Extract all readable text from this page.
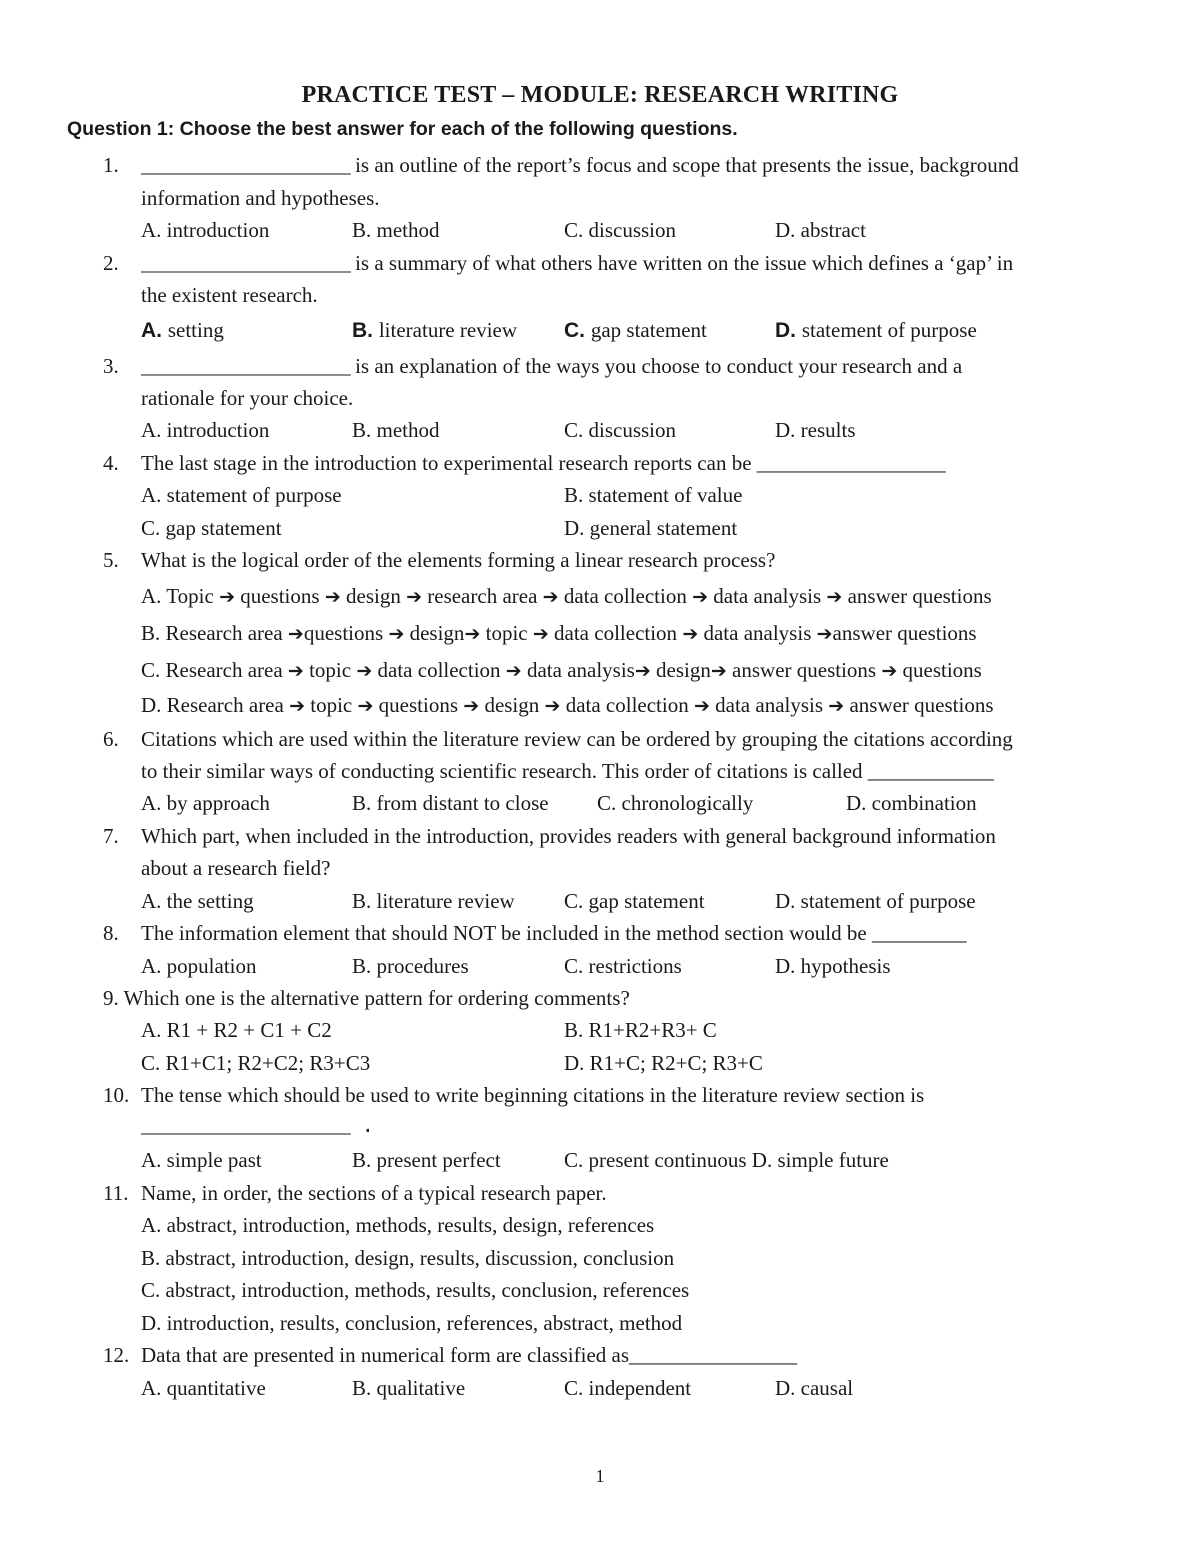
PRACTICE TEST – MODULE: RESEARCH WRITING
Question 1: Choose the best answer for each of the following questions.
1. __________________ is an outline of the report’s focus and scope that presents the issue, background
information and hypotheses.
A. introduction	B. method	C. discussion	D. abstract
2. __________________ is a summary of what others have written on the issue which defines a ‘gap’ in
the existent research.
A. setting	B. literature review C. gap statement	D. statement of purpose
3. __________________ is an explanation of the ways you choose to conduct your research and a
rationale for your choice.
A. introduction	B. method	C. discussion	D. results
4. The last stage in the introduction to experimental research reports can be __________________
A. statement of purpose	B. statement of value
C. gap statement	D. general statement
5. What is the logical order of the elements forming a linear research process?
A. Topic ➔ questions ➔ design ➔ research area ➔ data collection ➔ data analysis ➔ answer questions
B. Research area ➔questions ➔ design➔ topic ➔ data collection ➔ data analysis ➔answer questions
C. Research area ➔ topic ➔ data collection ➔ data analysis➔ design➔ answer questions ➔ questions
D. Research area ➔ topic ➔ questions ➔ design ➔ data collection ➔ data analysis ➔ answer questions
6. Citations which are used within the literature review can be ordered by grouping the citations according
to their similar ways of conducting scientific research. This order of citations is called ____________
A. by approach	B. from distant to close C. chronologically	D. combination
7. Which part, when included in the introduction, provides readers with general background information
about a research field?
A. the setting	B. literature review C. gap statement	D. statement of purpose
8. The information element that should NOT be included in the method section would be _________
A. population	B. procedures	C. restrictions	D. hypothesis
9. Which one is the alternative pattern for ordering comments?
A. R1 + R2 + C1 + C2	B. R1+R2+R3+ C
C. R1+C1; R2+C2; R3+C3	D. R1+C; R2+C; R3+C
10. The tense which should be used to write beginning citations in the literature review section is
__________________ .
A. simple past	B. present perfect	C. present continuous D. simple future
11. Name, in order, the sections of a typical research paper.
A. abstract, introduction, methods, results, design, references
B. abstract, introduction, design, results, discussion, conclusion
C. abstract, introduction, methods, results, conclusion, references
D. introduction, results, conclusion, references, abstract, method
12. Data that are presented in numerical form are classified as________________
A. quantitative	B. qualitative	C. independent	D. causal
1
